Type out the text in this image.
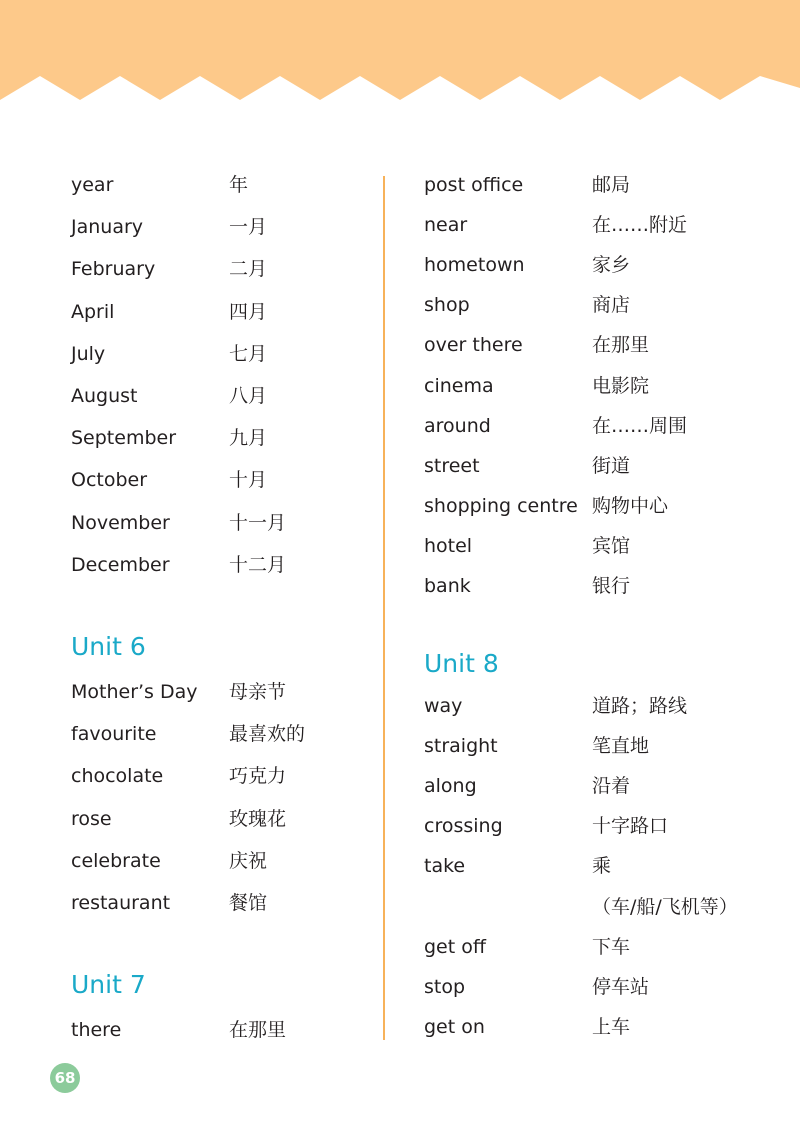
year	年
January	一月
February	二月
April	四月
July	七月
August	八月
September	九月
October	十月
November	十一月
December	十二月
Unit 6
Mother’s Day 母亲节
favourite	最喜欢的
chocolate	巧克力
rose	玫瑰花
celebrate	庆祝
restaurant	餐馆
Unit 7
there	在那里
post office	邮局
near	在……附近
hometown	家乡
shop	商店
over there	在那里
cinema	电影院
around	在……周围
street	街道
shopping centre 购物中心
hotel	宾馆
bank	银行
Unit 8
way	道路；路线
straight	笔直地
along	沿着
crossing	十字路口
take	乘
（车/船/飞机等）
get off	下车
stop	停车站
get on	上车
68
